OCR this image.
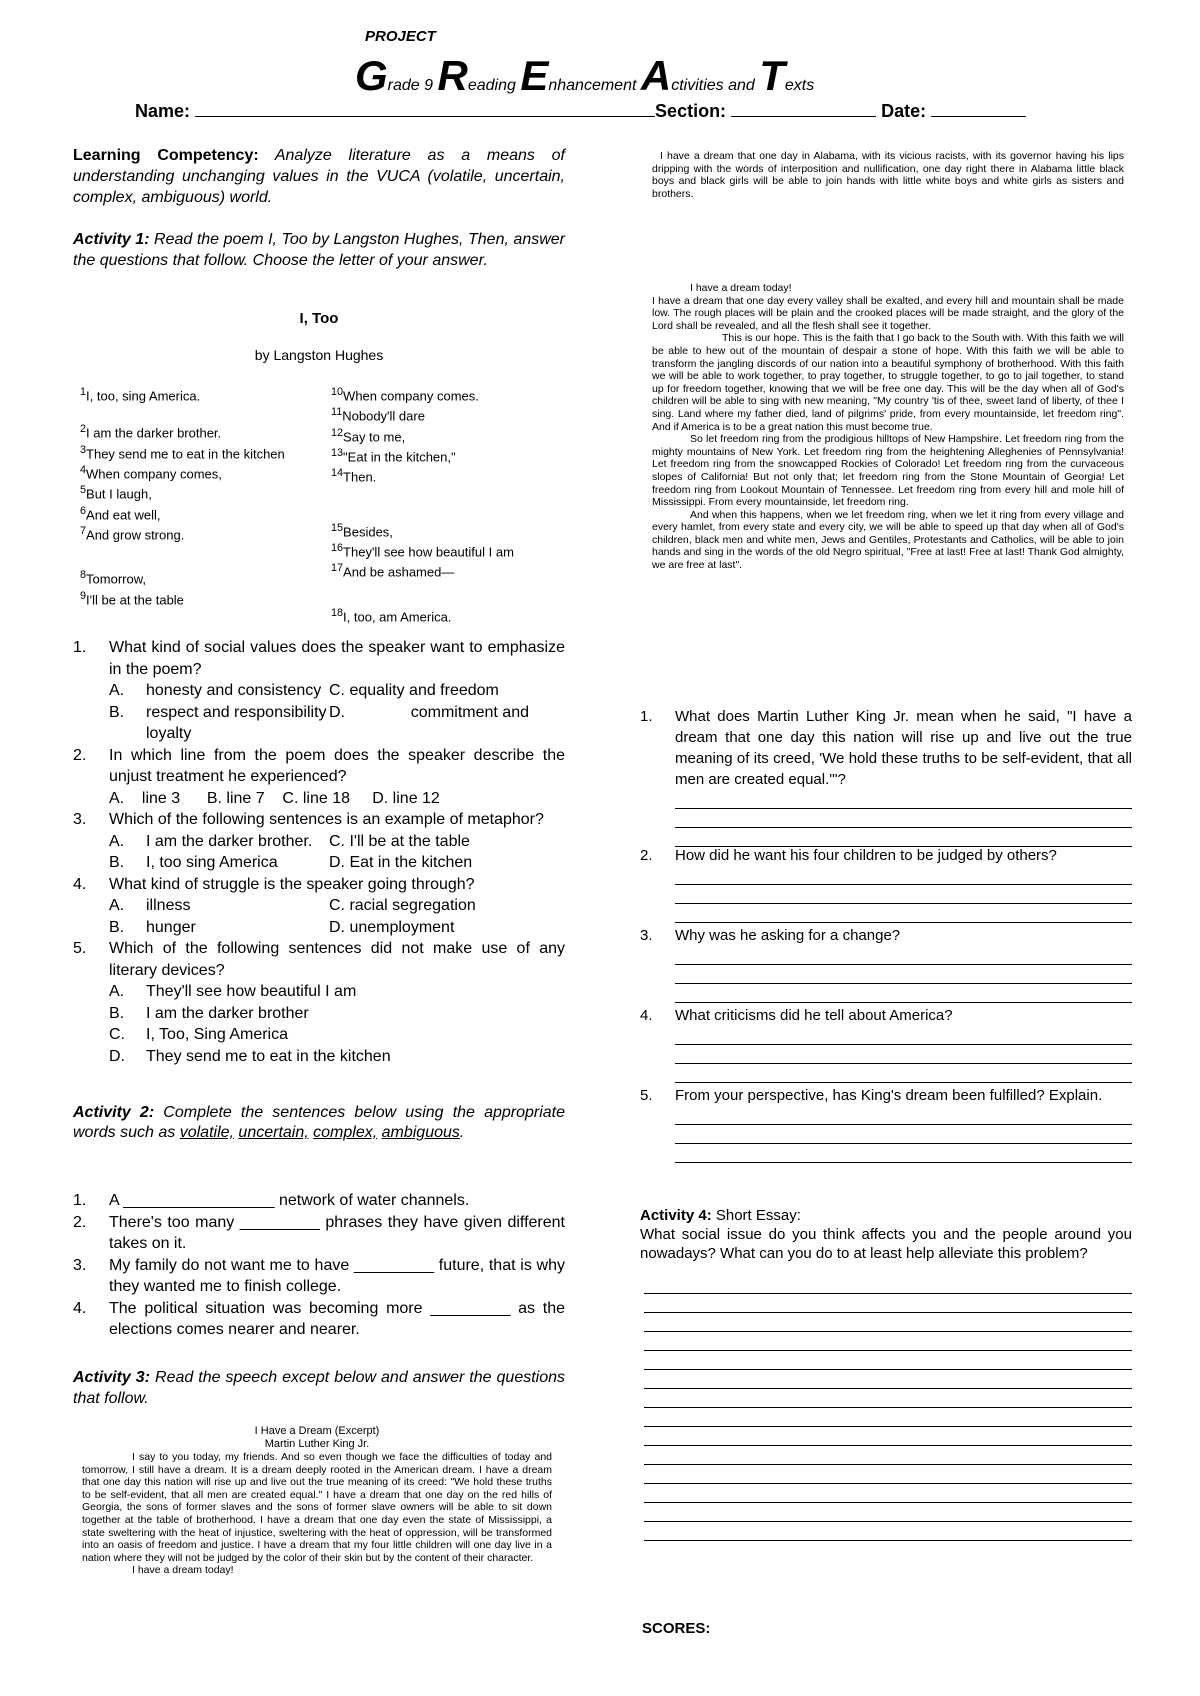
PROJECT
Grade 9 Reading Enhancement Activities and Texts
Name:	Section:	Date:

Learning Competency: Analyze literature as a means of understanding unchanging values in the VUCA (volatile, uncertain, complex, ambiguous) world.

Activity 1: Read the poem I, Too by Langston Hughes, Then, answer the questions that follow. Choose the letter of your answer.

I, Too
by Langston Hughes
$^1$I, too, sing America.
$^2$I am the darker brother.
$^3$They send me to eat in the kitchen
$^4$When company comes,
$^5$But I laugh,
$^6$And eat well,
$^7$And grow strong.
$^8$Tomorrow,
$^9$I'll be at the table
$^{10}$When company comes.
$^{11}$Nobody'll dare
$^{12}$Say to me,
$^{13}$"Eat in the kitchen,"
$^{14}$Then.
$^{15}$Besides,
$^{16}$They'll see how beautiful I am
$^{17}$And be ashamed—
$^{18}$I, too, am America.
1.	What kind of social values does the speaker want to emphasize in the poem?
A.	honesty and consistency C. equality and freedom
B.	respect and responsibility D.	commitment and
loyalty
2.	In which line from the poem does the speaker describe the unjust treatment he experienced?
A.    line 3      B. line 7    C. line 18     D. line 12
3.	Which of the following sentences is an example of metaphor?
A.	I am the darker brother. C. I'll be at the table
B.	I, too sing America	D. Eat in the kitchen
4.	What kind of struggle is the speaker going through?
A.	illness	C. racial segregation
B.	hunger	D. unemployment
5.	Which of the following sentences did not make use of any literary devices?
A.	They'll see how beautiful I am
B.	I am the darker brother
C.	I, Too, Sing America
D.	They send me to eat in the kitchen

Activity 2: Complete the sentences below using the appropriate words such as volatile, uncertain, complex, ambiguous.

1.	A _________________ network of water channels.
2.	There's too many _________ phrases they have given different takes on it.
3.	My family do not want me to have _________ future, that is why they wanted me to finish college.
4.	The political situation was becoming more _________ as the elections comes nearer and nearer.

Activity 3: Read the speech except below and answer the questions that follow.

I Have a Dream (Excerpt)
Martin Luther King Jr.
I say to you today, my friends. And so even though we face the difficulties of today and tomorrow, I still have a dream. It is a dream deeply rooted in the American dream. I have a dream that one day this nation will rise up and live out the true meaning of its creed: "We hold these truths to be self-evident, that all men are created equal." I have a dream that one day on the red hills of Georgia, the sons of former slaves and the sons of former slave owners will be able to sit down together at the table of brotherhood. I have a dream that one day even the state of Mississippi, a state sweltering with the heat of injustice, sweltering with the heat of oppression, will be transformed into an oasis of freedom and justice. I have a dream that my four little children will one day live in a nation where they will not be judged by the color of their skin but by the content of their character.
I have a dream today!
I have a dream that one day in Alabama, with its vicious racists, with its governor having his lips dripping with the words of interposition and nullification, one day right there in Alabama little black boys and black girls will be able to join hands with little white boys and white girls as sisters and brothers.
I have a dream today!
I have a dream that one day every valley shall be exalted, and every hill and mountain shall be made low. The rough places will be plain and the crooked places will be made straight, and the glory of the Lord shall be revealed, and all the flesh shall see it together.
This is our hope. This is the faith that I go back to the South with. With this faith we will be able to hew out of the mountain of despair a stone of hope. With this faith we will be able to transform the jangling discords of our nation into a beautiful symphony of brotherhood. With this faith we will be able to work together, to pray together, to struggle together, to go to jail together, to stand up for freedom together, knowing that we will be free one day. This will be the day when all of God's children will be able to sing with new meaning, "My country 'tis of thee, sweet land of liberty, of thee I sing. Land where my father died, land of pilgrims' pride, from every mountainside, let freedom ring". And if America is to be a great nation this must become true.
So let freedom ring from the prodigious hilltops of New Hampshire. Let freedom ring from the mighty mountains of New York. Let freedom ring from the heightening Alleghenies of Pennsylvania! Let freedom ring from the snowcapped Rockies of Colorado! Let freedom ring from the curvaceous slopes of California! But not only that; let freedom ring from the Stone Mountain of Georgia! Let freedom ring from Lookout Mountain of Tennessee. Let freedom ring from every hill and mole hill of Mississippi. From every mountainside, let freedom ring.
And when this happens, when we let freedom ring, when we let it ring from every village and every hamlet, from every state and every city, we will be able to speed up that day when all of God's children, black men and white men, Jews and Gentiles, Protestants and Catholics, will be able to join hands and sing in the words of the old Negro spiritual, "Free at last! Free at last! Thank God almighty, we are free at last".
1. What does Martin Luther King Jr. mean when he said, "I have a dream that one day this nation will rise up and live out the true meaning of its creed, 'We hold these truths to be self-evident, that all men are created equal.'"?
2. How did he want his four children to be judged by others?
3. Why was he asking for a change?
4. What criticisms did he tell about America?
5. From your perspective, has King's dream been fulfilled? Explain.
Activity 4: Short Essay:
What social issue do you think affects you and the people around you nowadays? What can you do to at least help alleviate this problem?
SCORES:
